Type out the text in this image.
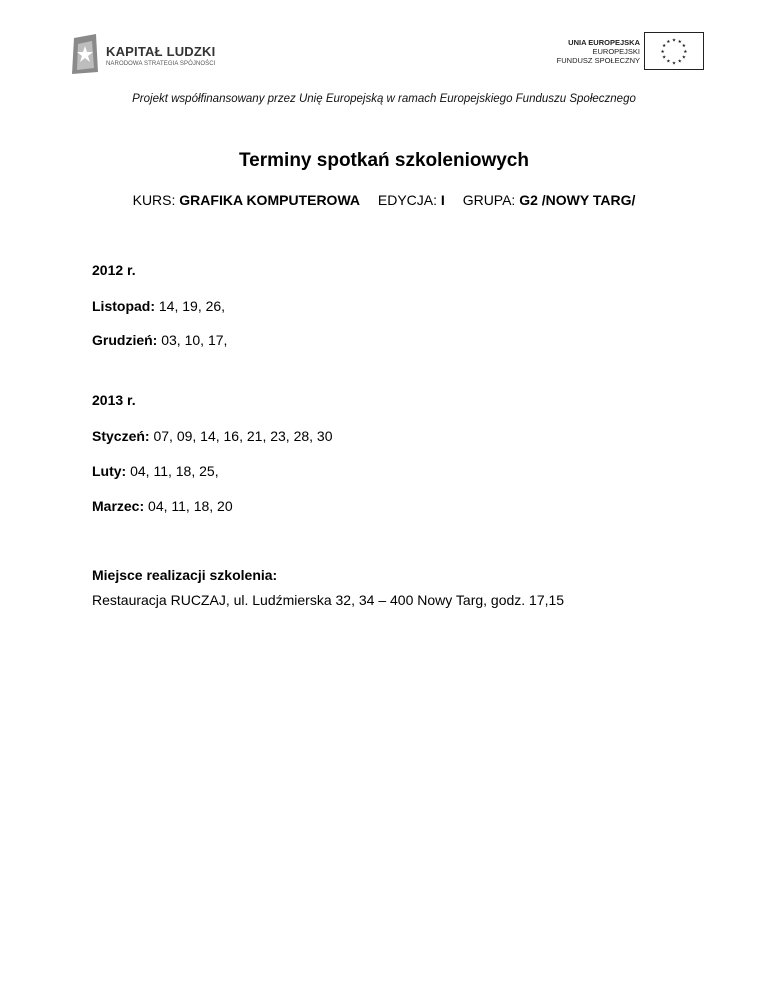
KAPITAŁ LUDZKI
NARODOWA STRATEGIA SPÓJNOŚCI
UNIA EUROPEJSKA
EUROPEJSKI
FUNDUSZ SPOŁECZNY
★ ★
★
★
★
★
★
★
★
★
★
★
Projekt współfinansowany przez Unię Europejską w ramach Europejskiego Funduszu Społecznego
Terminy spotkań szkoleniowych
KURS: GRAFIKA KOMPUTEROWA EDYCJA: I GRUPA: G2 /NOWY TARG/

2012 r.

Listopad: 14, 19, 26,

Grudzień: 03, 10, 17,

2013 r.

Styczeń: 07, 09, 14, 16, 21, 23, 28, 30

Luty: 04, 11, 18, 25,

Marzec: 04, 11, 18, 20

Miejsce realizacji szkolenia:

Restauracja RUCZAJ, ul. Ludźmierska 32, 34 – 400 Nowy Targ, godz. 17,15
